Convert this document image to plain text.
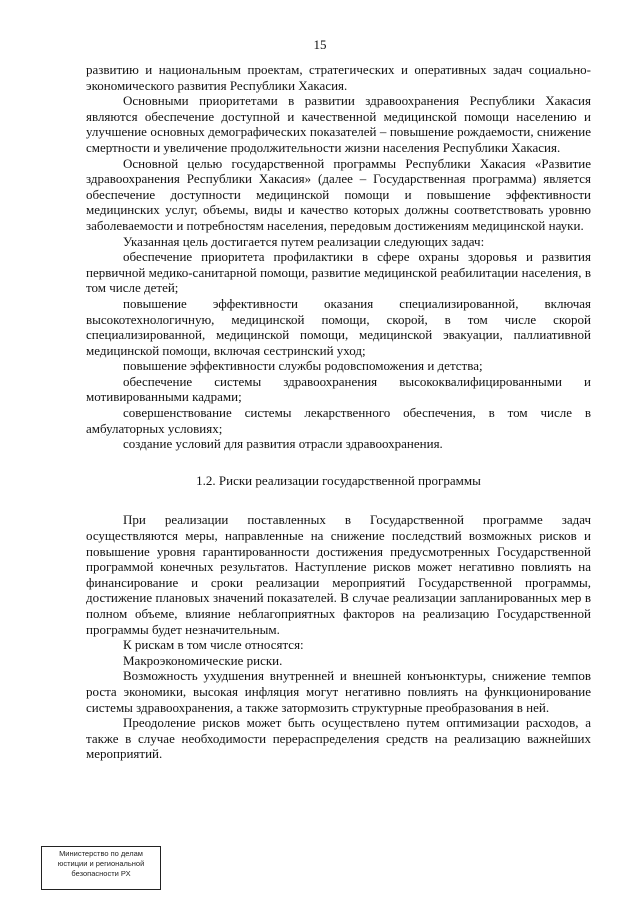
15

развитию и национальным проектам, стратегических и оперативных задач социально-экономического развития Республики Хакасия.

Основными приоритетами в развитии здравоохранения Республики Хакасия являются обеспечение доступной и качественной медицинской помощи населению и улучшение основных демографических показателей – повышение рождаемости, снижение смертности и увеличение продолжительности жизни населения Республики Хакасия.

Основной целью государственной программы Республики Хакасия «Развитие здравоохранения Республики Хакасия» (далее – Государственная программа) является обеспечение доступности медицинской помощи и повышение эффективности медицинских услуг, объемы, виды и качество которых должны соответствовать уровню заболеваемости и потребностям населения, передовым достижениям медицинской науки.

Указанная цель достигается путем реализации следующих задач:

обеспечение приоритета профилактики в сфере охраны здоровья и развития первичной медико-санитарной помощи, развитие медицинской реабилитации населения, в том числе детей;

повышение эффективности оказания специализированной, включая высокотехнологичную, медицинской помощи, скорой, в том числе скорой специализированной, медицинской помощи, медицинской эвакуации, паллиативной медицинской помощи, включая сестринский уход;

повышение эффективности службы родовспоможения и детства;

обеспечение системы здравоохранения высококвалифицированными и мотивированными кадрами;

совершенствование системы лекарственного обеспечения, в том числе в амбулаторных условиях;

создание условий для развития отрасли здравоохранения.

1.2. Риски реализации государственной программы

При реализации поставленных в Государственной программе задач осуществляются меры, направленные на снижение последствий возможных рисков и повышение уровня гарантированности достижения предусмотренных Государственной программой конечных результатов. Наступление рисков может негативно повлиять на финансирование и сроки реализации мероприятий Государственной программы, достижение плановых значений показателей. В случае реализации запланированных мер в полном объеме, влияние неблагоприятных факторов на реализацию Государственной программы будет незначительным.

К рискам в том числе относятся:

Макроэкономические риски.

Возможность ухудшения внутренней и внешней конъюнктуры, снижение темпов роста экономики, высокая инфляция могут негативно повлиять на функционирование системы здравоохранения, а также затормозить структурные преобразования в ней.

Преодоление рисков может быть осуществлено путем оптимизации расходов, а также в случае необходимости перераспределения средств на реализацию важнейших мероприятий.

Министерство по делам
юстиции и региональной
безопасности РХ
